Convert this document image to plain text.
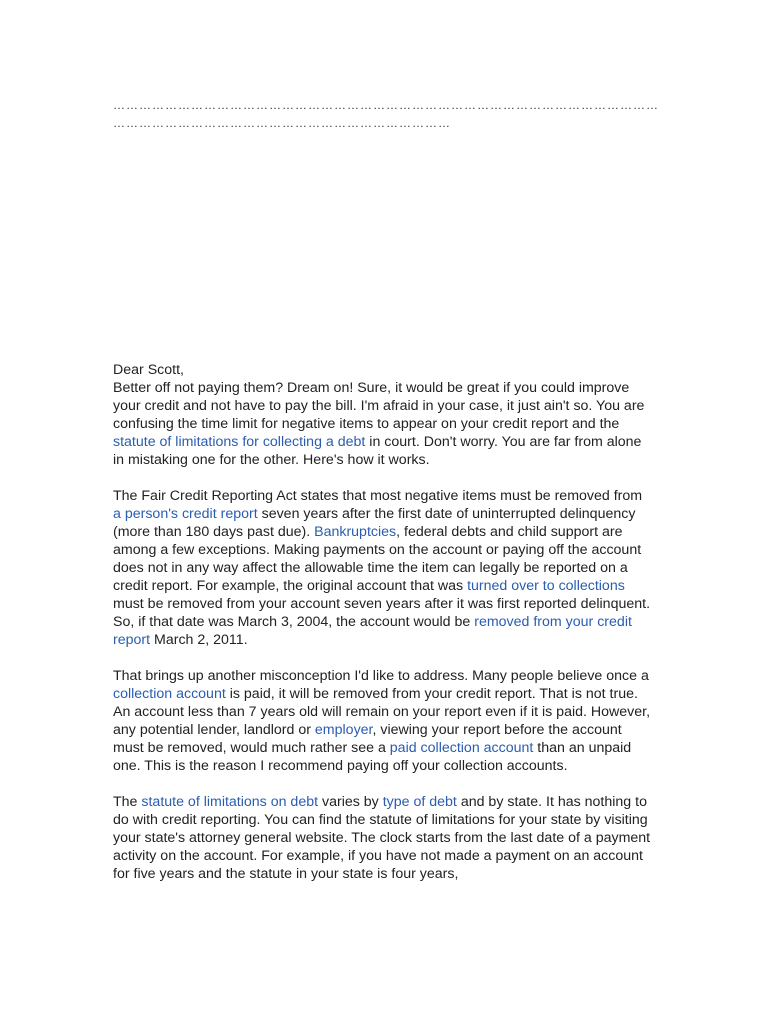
………………………………………………………………………………………………………………
……………………………………………………………………

Dear Scott,

Better off not paying them? Dream on! Sure, it would be great if you could improve your credit and not have to pay the bill. I'm afraid in your case, it just ain't so. You are confusing the time limit for negative items to appear on your credit report and the statute of limitations for collecting a debt in court. Don't worry. You are far from alone in mistaking one for the other. Here's how it works.

The Fair Credit Reporting Act states that most negative items must be removed from a person's credit report seven years after the first date of uninterrupted delinquency (more than 180 days past due). Bankruptcies, federal debts and child support are among a few exceptions. Making payments on the account or paying off the account does not in any way affect the allowable time the item can legally be reported on a credit report. For example, the original account that was turned over to collections must be removed from your account seven years after it was first reported delinquent. So, if that date was March 3, 2004, the account would be removed from your credit report March 2, 2011.

That brings up another misconception I'd like to address. Many people believe once a collection account is paid, it will be removed from your credit report. That is not true. An account less than 7 years old will remain on your report even if it is paid. However, any potential lender, landlord or employer, viewing your report before the account must be removed, would much rather see a paid collection account than an unpaid one. This is the reason I recommend paying off your collection accounts.

The statute of limitations on debt varies by type of debt and by state. It has nothing to do with credit reporting. You can find the statute of limitations for your state by visiting your state's attorney general website. The clock starts from the last date of a payment activity on the account. For example, if you have not made a payment on an account for five years and the statute in your state is four years,
